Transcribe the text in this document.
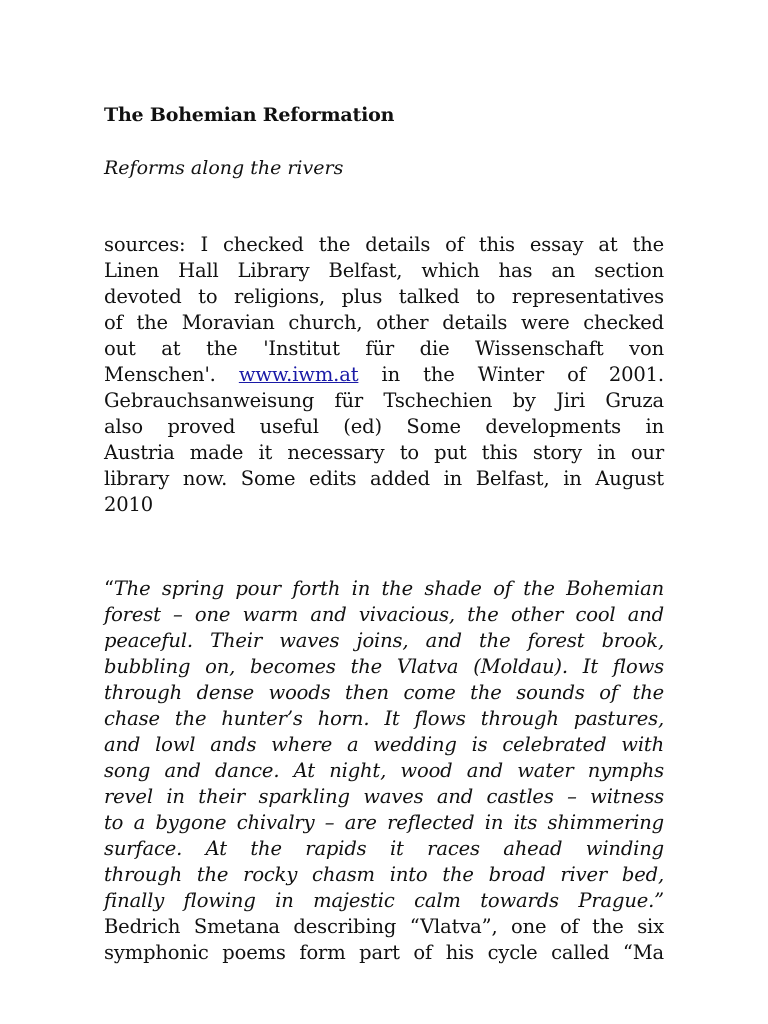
The Bohemian Reformation

Reforms along the rivers

sources: I checked the details of this essay at the
Linen Hall Library Belfast, which has an section
devoted to religions, plus talked to representatives
of the Moravian church, other details were checked
out at the 'Institut für die Wissenschaft von
Menschen'. www.iwm.at in the Winter of 2001.
Gebrauchsanweisung für Tschechien by Jiri Gruza
also proved useful (ed) Some developments in
Austria made it necessary to put this story in our
library now. Some edits added in Belfast, in August
2010
“The spring pour forth in the shade of the Bohemian
forest – one warm and vivacious, the other cool and
peaceful. Their waves joins, and the forest brook,
bubbling on, becomes the Vlatva (Moldau). It flows
through dense woods then come the sounds of the
chase the hunter’s horn. It flows through pastures,
and lowl ands where a wedding is celebrated with
song and dance. At night, wood and water nymphs
revel in their sparkling waves and castles – witness
to a bygone chivalry – are reflected in its shimmering
surface. At the rapids it races ahead winding
through the rocky chasm into the broad river bed,
finally flowing in majestic calm towards Prague.”
Bedrich Smetana describing “Vlatva”, one of the six
symphonic poems form part of his cycle called “Ma
